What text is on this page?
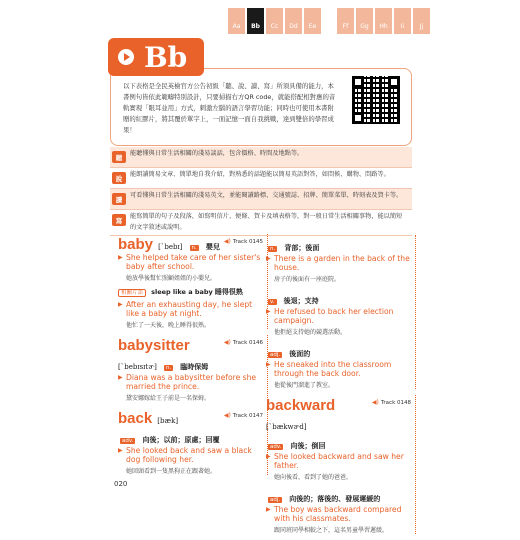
Aa	Bb	Cc	Dd	Ee	Ff	Gg	Hh	Ii	Jj

以下表格是全民英檢官方公告初級「聽、說、讀、寫」所須具備的能力，本書例句皆依此範疇特別設計，只要掃描右方QR code，就能搭配相對應的音軌實現「眼耳並用」方式，刺激左腦的語言學習功能；同時也可使用本書附贈的紅膠片，將其覆於單字上，一面記憶一面自我挑戰，達到雙倍的學習成果！

Bb
聽	能聽懂與日常生活相關的淺易談話，包含價格、時間及地點等。
說	能朗讀簡易文章、簡單地自我介紹，對熟悉的話題能以簡易英語對答，如問候、購物、問路等。
讀	可看懂與日常生活相關的淺易英文，並能閱讀路標、交通號誌、招牌、簡單菜單、時刻表及賀卡等。
寫	能寫簡單的句子及段落，如寫明信片、便條、賀卡及填表格等，對一般日常生活相關事物，能以簡短的文字敘述或說明。
◀) Track 0145
baby [ˋbebɪ] n. 嬰兒

▶ She helped take care of her sister's baby after school.

她放學後幫忙照顧姐姐的小嬰兒。

相關片語 sleep like a baby 睡得很熟

▶ After an exhausting day, he slept like a baby at night.

他忙了一天後，晚上睡得很熟。

◀) Track 0146
babysitter
[ˋbebɪsɪtɚ] n. 臨時保姆

▶ Diana was a babysitter before she married the prince.

黛安娜嫁給王子前是一名保姆。

◀) Track 0147
back [bæk]
adv. 向後；以前；原處；回覆

▶ She looked back and saw a black dog following her.

她回頭看到一隻黑狗正在跟著她。

n. 背部；後面

▶ There is a garden in the back of the house.

房子的後面有一座庭院。

v. 後退；支持

▶ He refused to back her election campaign.

他拒絕支持她的競選活動。

adj. 後面的

▶ He sneaked into the classroom through the back door.

他從後門溜進了教室。

◀) Track 0148
backward [ˋbækwɚd]
adv. 向後；倒回

▶ She looked backward and saw her father.

她向後看，看到了她的爸爸。

adj. 向後的；落後的、發展遲緩的

▶ The boy was backward compared with his classmates.

跟同班同學相較之下，這名男童學習遲緩。

020
